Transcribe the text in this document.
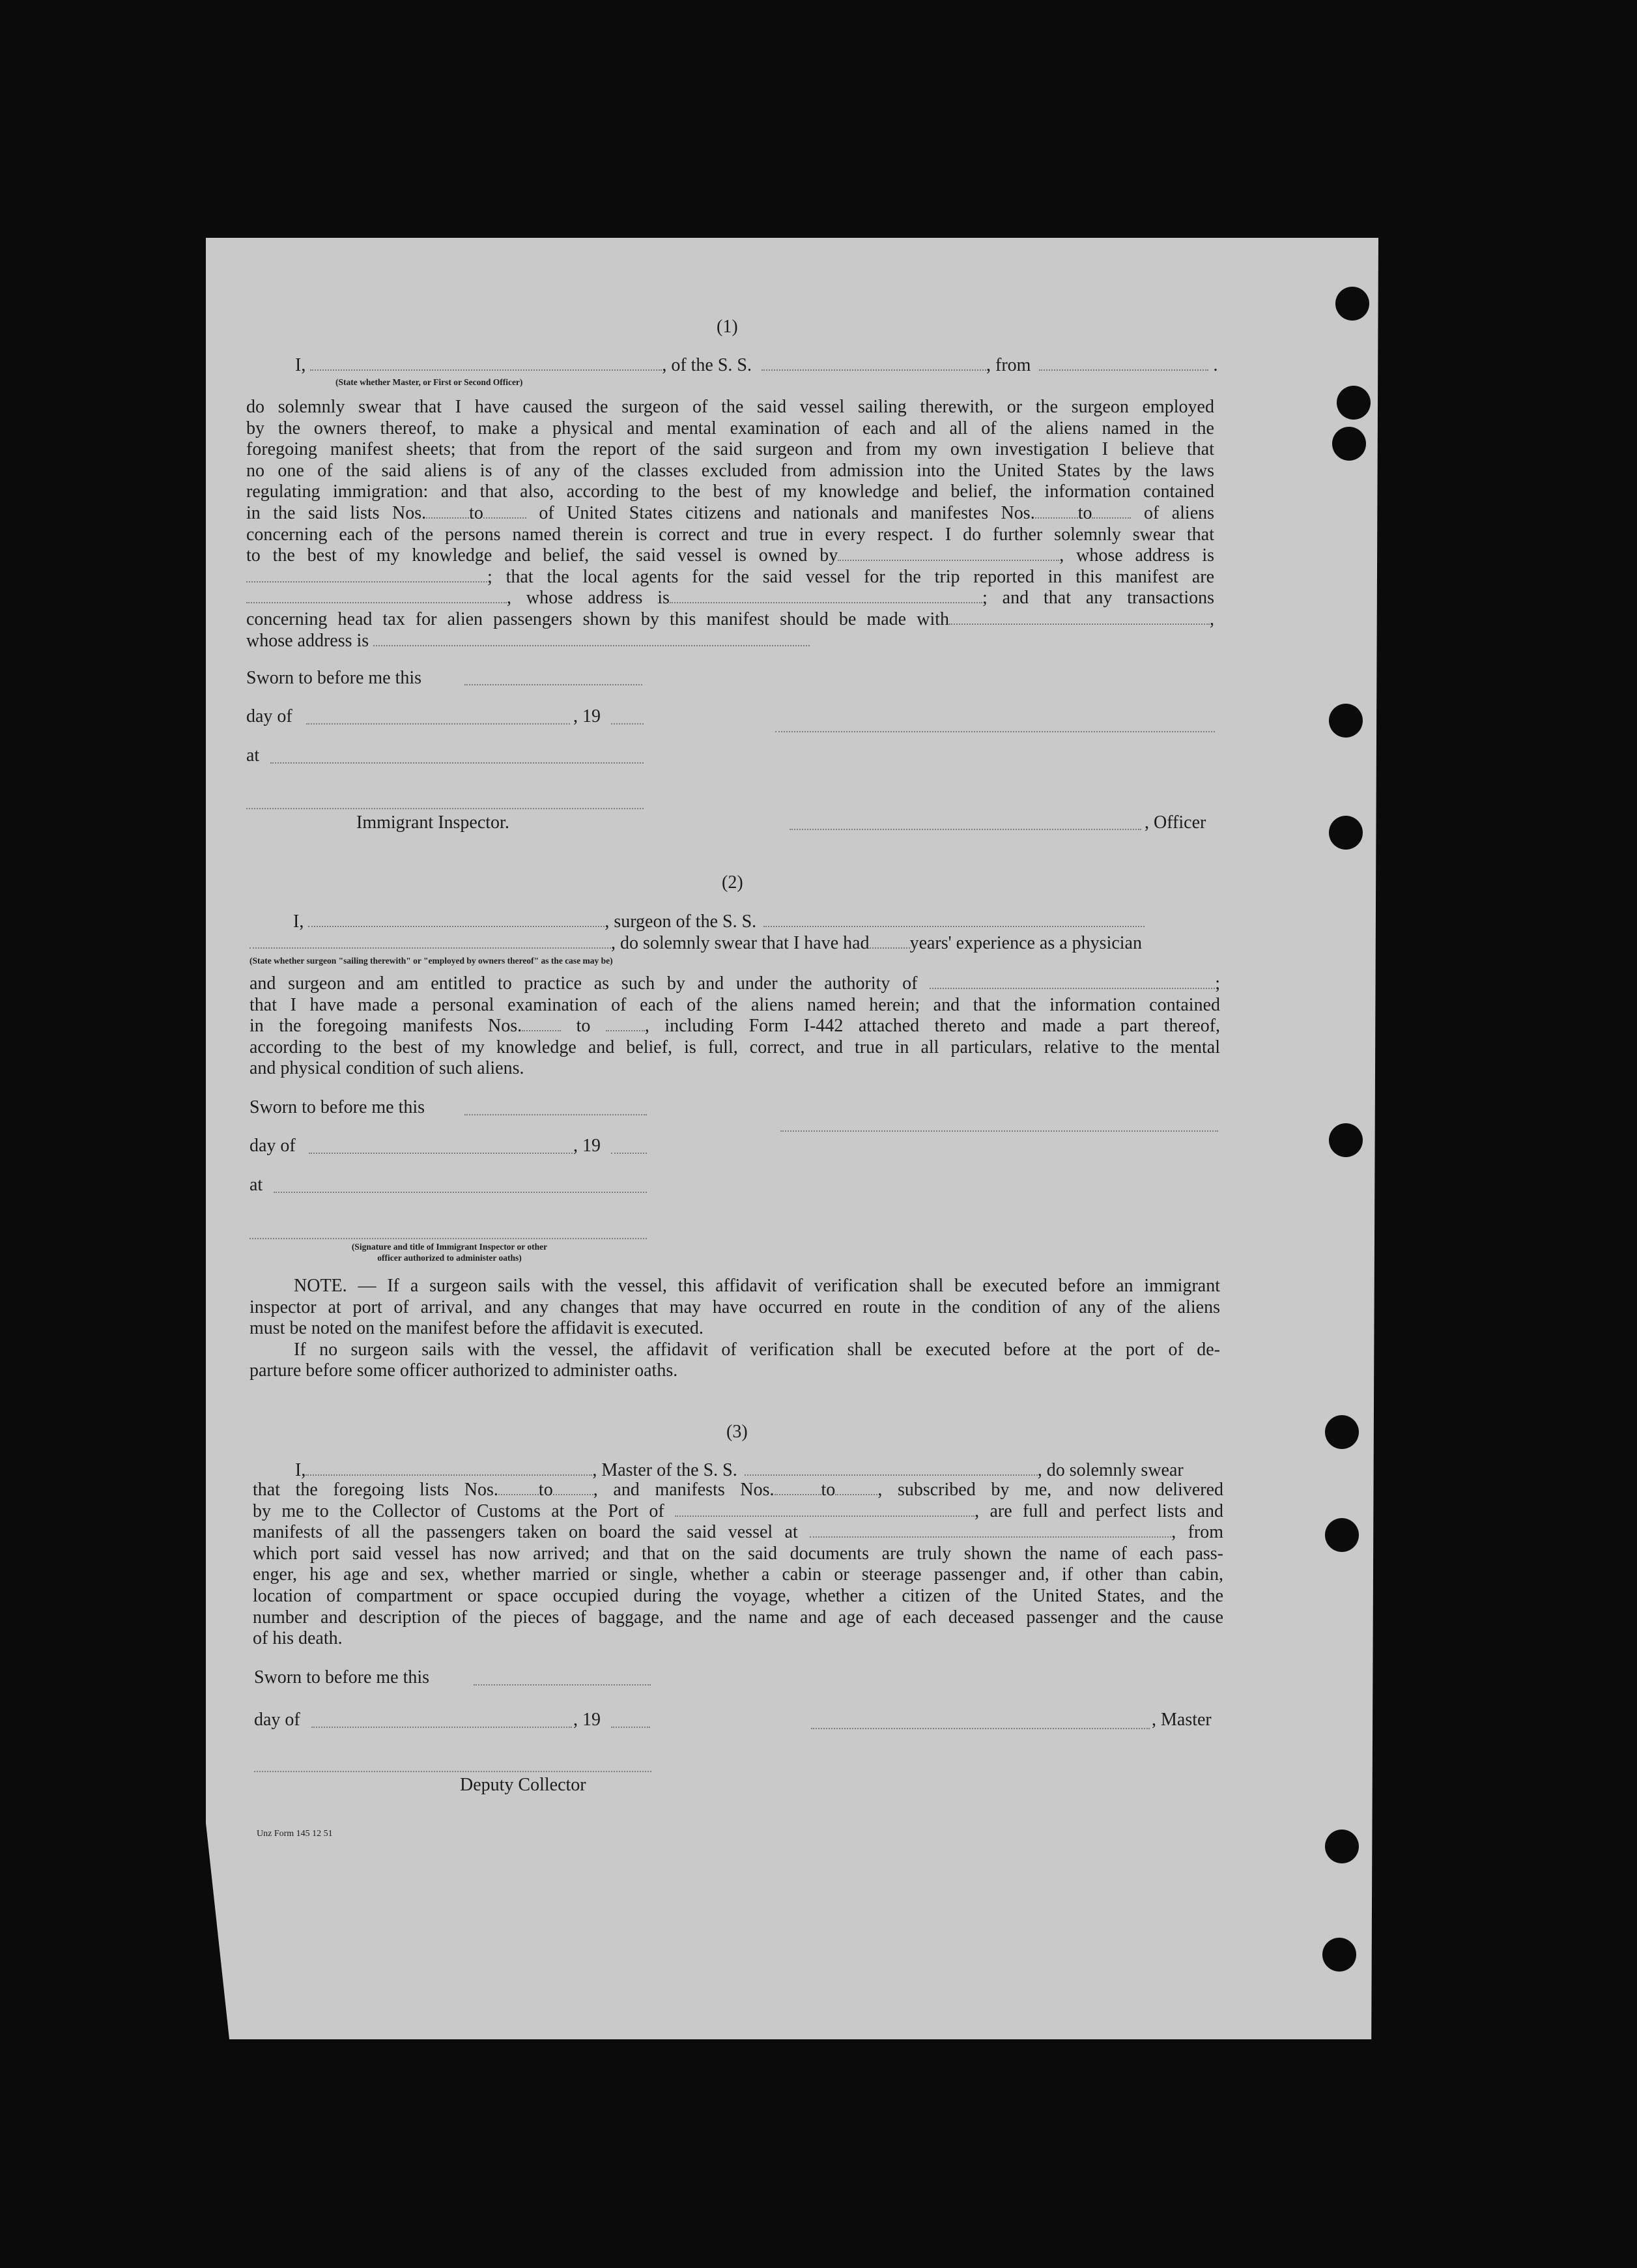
(1)
I,	, of the S. S.	, from	.
(State whether Master, or First or Second Officer)
do solemnly swear that I have caused the surgeon of the said vessel sailing therewith, or the surgeon employed
by the owners thereof, to make a physical and mental examination of each and all of the aliens named in the
foregoing manifest sheets; that from the report of the said surgeon and from my own investigation I believe that
no one of the said aliens is of any of the classes excluded from admission into the United States by the laws
regulating immigration: and that also, according to the best of my knowledge and belief, the information contained
in the said lists Nos. to	of United States citizens and nationals and manifestes Nos. to	of aliens
concerning each of the persons named therein is correct and true in every respect. I do further solemnly swear that
to the best of my knowledge and belief, the said vessel is owned by	, whose address is
; that the local agents for the said vessel for the trip reported in this manifest are
, whose address is	; and that any transactions
concerning head tax for alien passengers shown by this manifest should be made with	,
whose address is
Sworn to before me this
day of	, 19
at
Immigrant Inspector.	, Officer
(2)
I,	, surgeon of the S. S.
, do solemnly swear that I have had years' experience as a physician
(State whether surgeon "sailing therewith" or "employed by owners thereof" as the case may be)
and surgeon and am entitled to practice as such by and under the authority of	;
that I have made a personal examination of each of the aliens named herein; and that the information contained
in the foregoing manifests Nos.	to	, including Form I-442 attached thereto and made a part thereof,
according to the best of my knowledge and belief, is full, correct, and true in all particulars, relative to the mental
and physical condition of such aliens.
Sworn to before me this
day of	, 19
at
(Signature and title of Immigrant Inspector or other
officer authorized to administer oaths)
NOTE. — If a surgeon sails with the vessel, this affidavit of verification shall be executed before an immigrant
inspector at port of arrival, and any changes that may have occurred en route in the condition of any of the aliens
must be noted on the manifest before the affidavit is executed.
If no surgeon sails with the vessel, the affidavit of verification shall be executed before at the port of de-
parture before some officer authorized to administer oaths.
(3)
I,	, Master of the S. S.	, do solemnly swear
that the foregoing lists Nos. to , and manifests Nos.	to , subscribed by me, and now delivered
by me to the Collector of Customs at the Port of	, are full and perfect lists and
manifests of all the passengers taken on board the said vessel at	, from
which port said vessel has now arrived; and that on the said documents are truly shown the name of each pass-
enger, his age and sex, whether married or single, whether a cabin or steerage passenger and, if other than cabin,
location of compartment or space occupied during the voyage, whether a citizen of the United States, and the
number and description of the pieces of baggage, and the name and age of each deceased passenger and the cause
of his death.
Sworn to before me this
day of	, 19	, Master
Deputy Collector
Unz Form 145 12 51
